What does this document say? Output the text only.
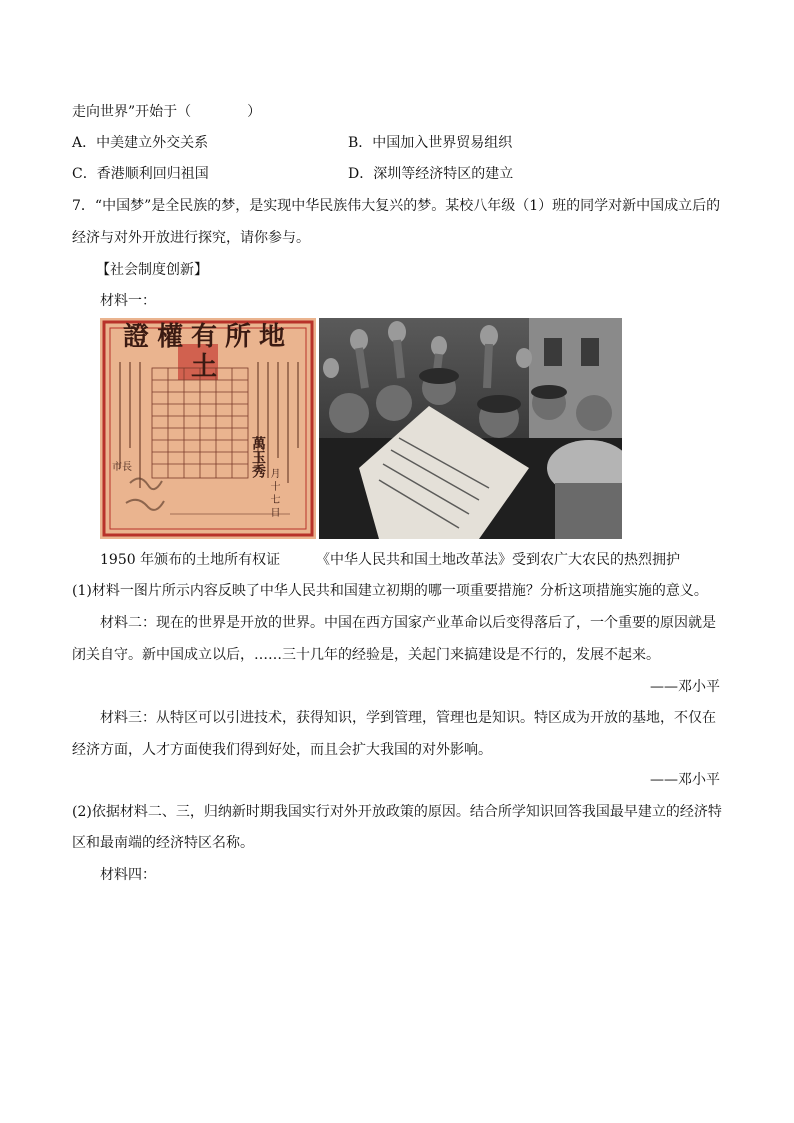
走向世界”开始于（　　　　）
A．中美建立外交关系	B．中国加入世界贸易组织
C．香港顺利回归祖国	D．深圳等经济特区的建立
7．“中国梦”是全民族的梦，是实现中华民族伟大复兴的梦。某校八年级（1）班的同学对新中国成立后的
经济与对外开放进行探究，请你参与。
【社会制度创新】
材料一：
證權有所地土
萬玉秀
市長
月十七日
1950 年颁布的土地所有权证	《中华人民共和国土地改革法》受到农广大农民的热烈拥护
(1)材料一图片所示内容反映了中华人民共和国建立初期的哪一项重要措施？分析这项措施实施的意义。
材料二：现在的世界是开放的世界。中国在西方国家产业革命以后变得落后了，一个重要的原因就是
闭关自守。新中国成立以后，……三十几年的经验是，关起门来搞建设是不行的，发展不起来。
——邓小平
材料三：从特区可以引进技术，获得知识，学到管理，管理也是知识。特区成为开放的基地，不仅在
经济方面，人才方面使我们得到好处，而且会扩大我国的对外影响。
——邓小平
(2)依据材料二、三，归纳新时期我国实行对外开放政策的原因。结合所学知识回答我国最早建立的经济特
区和最南端的经济特区名称。
材料四：
